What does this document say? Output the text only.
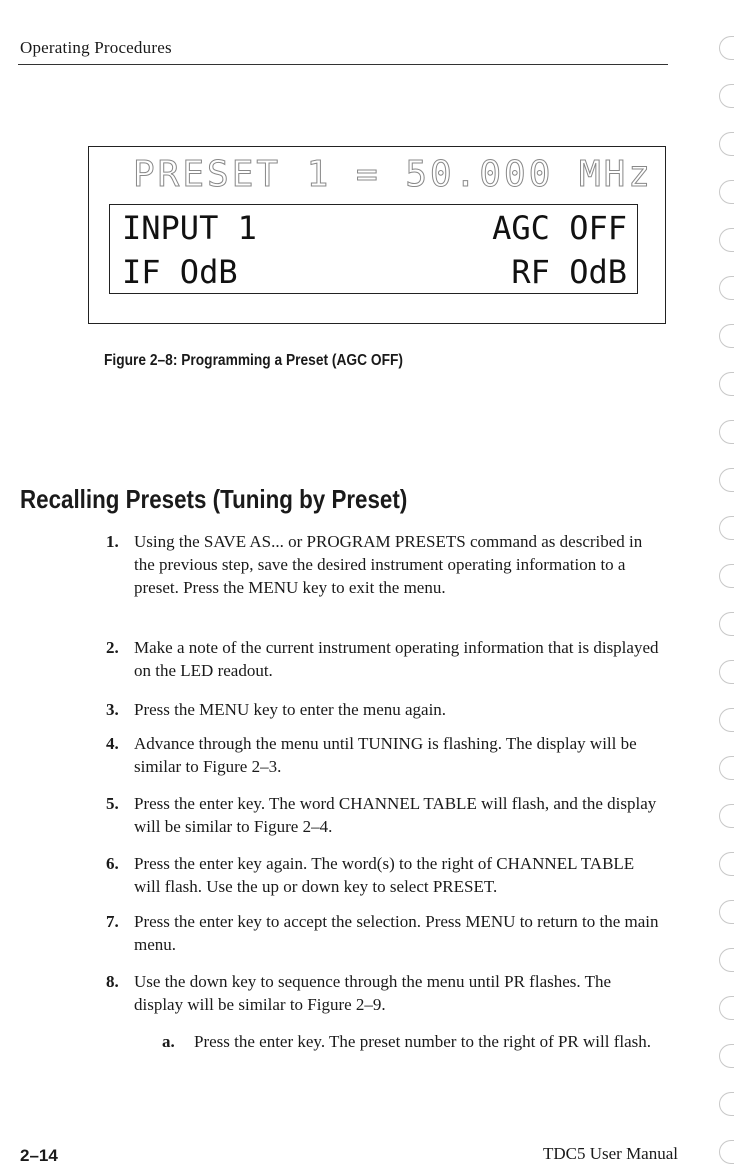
Operating Procedures
PRESET 1 = 50.000 MHz
INPUT 1	AGC OFF
IF OdB	RF OdB
Figure 2–8: Programming a Preset (AGC OFF)
Recalling Presets (Tuning by Preset)
1. Using the SAVE AS... or PROGRAM PRESETS command as described in the previous step, save the desired instrument operating information to a preset. Press the MENU key to exit the menu.
2. Make a note of the current instrument operating information that is displayed on the LED readout.
3. Press the MENU key to enter the menu again.
4. Advance through the menu until TUNING is flashing. The display will be similar to Figure 2–3.
5. Press the enter key. The word CHANNEL TABLE will flash, and the display will be similar to Figure 2–4.
6. Press the enter key again. The word(s) to the right of CHANNEL TABLE will flash. Use the up or down key to select PRESET.
7. Press the enter key to accept the selection. Press MENU to return to the main menu.
8. Use the down key to sequence through the menu until PR flashes. The display will be similar to Figure 2–9.
a. Press the enter key. The preset number to the right of PR will flash.
2–14	TDC5 User Manual
